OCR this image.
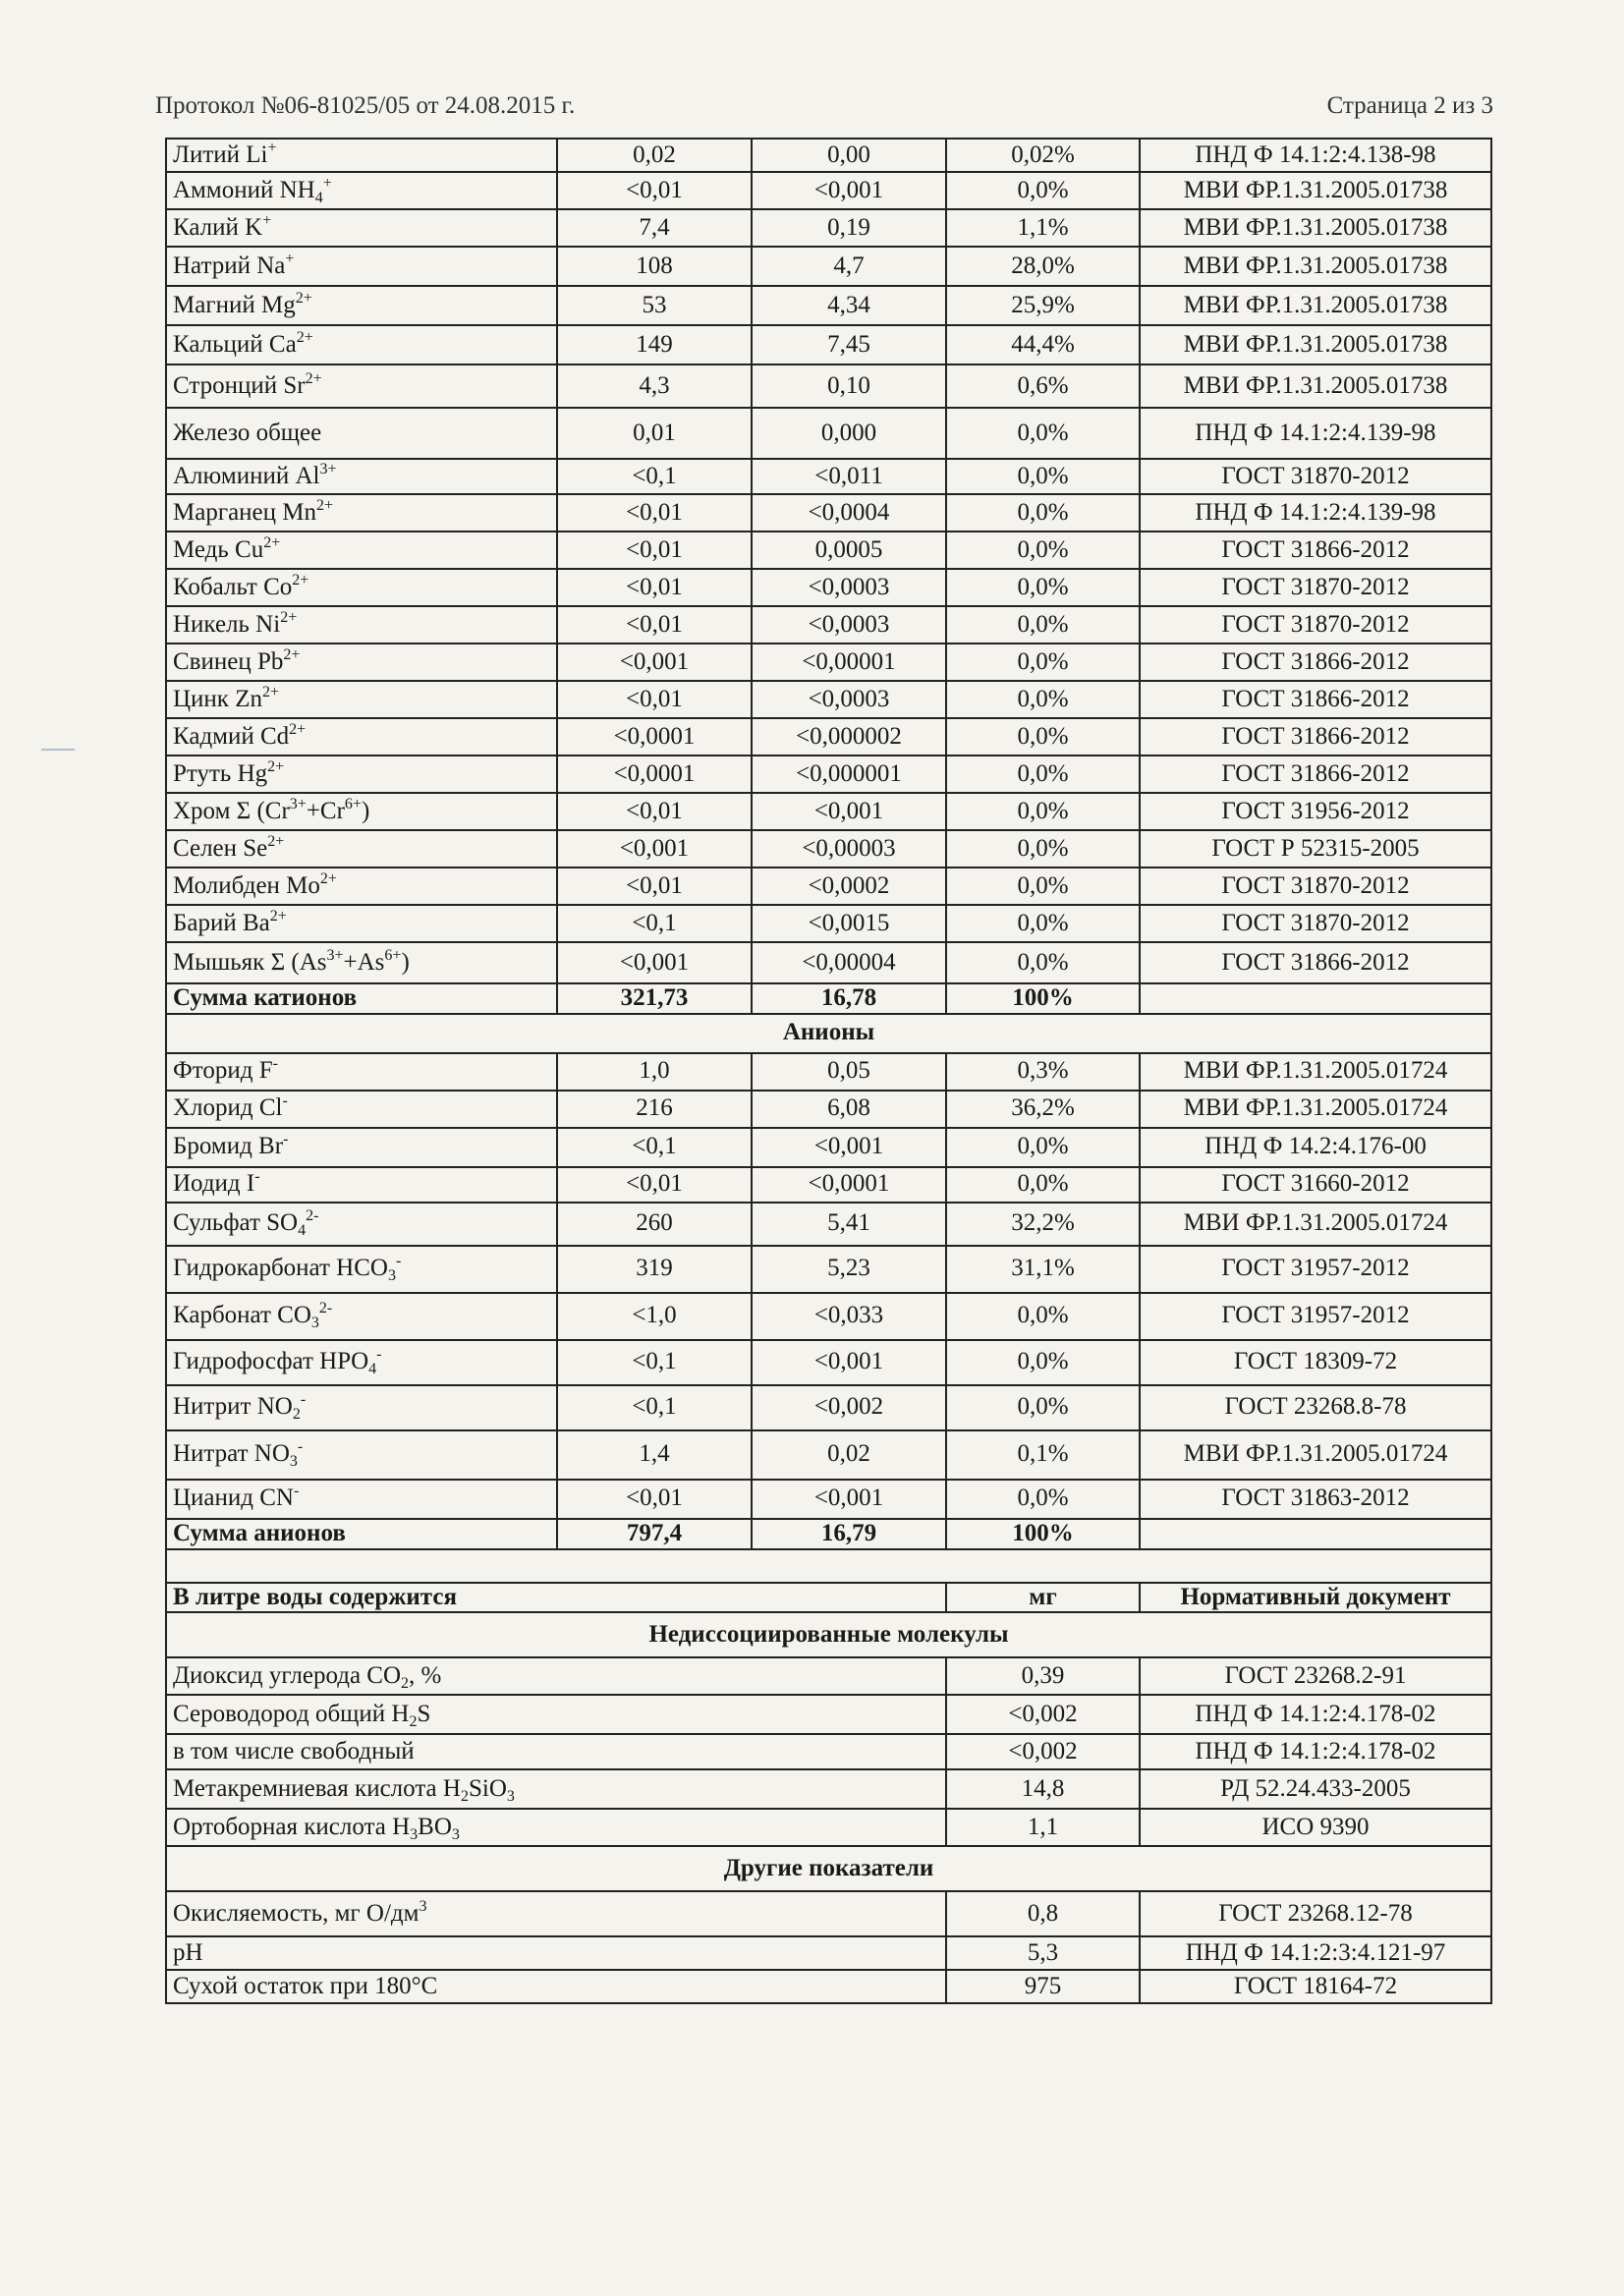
Протокол №06-81025/05 от 24.08.2015 г.	Страница 2 из 3
Литий Li+	0,02	0,00	0,02%	ПНД Ф 14.1:2:4.138-98
Аммоний $NH_4^+$	<0,01	<0,001	0,0%	МВИ ФР.1.31.2005.01738
Калий K+	7,4	0,19	1,1%	МВИ ФР.1.31.2005.01738
Натрий Na+	108	4,7	28,0%	МВИ ФР.1.31.2005.01738
Магний $Mg^{2+}$	53	4,34	25,9%	МВИ ФР.1.31.2005.01738
Кальций $Ca^{2+}$	149	7,45	44,4%	МВИ ФР.1.31.2005.01738
Стронций $Sr^{2+}$	4,3	0,10	0,6%	МВИ ФР.1.31.2005.01738
Железо общее	0,01	0,000	0,0%	ПНД Ф 14.1:2:4.139-98
Алюминий $Al^{3+}$	<0,1	<0,011	0,0%	ГОСТ 31870-2012
Марганец $Mn^{2+}$	<0,01	<0,0004	0,0%	ПНД Ф 14.1:2:4.139-98
Медь $Cu^{2+}$	<0,01	0,0005	0,0%	ГОСТ 31866-2012
Кобальт $Co^{2+}$	<0,01	<0,0003	0,0%	ГОСТ 31870-2012
Никель $Ni^{2+}$	<0,01	<0,0003	0,0%	ГОСТ 31870-2012
Свинец $Pb^{2+}$	<0,001	<0,00001	0,0%	ГОСТ 31866-2012
Цинк $Zn^{2+}$	<0,01	<0,0003	0,0%	ГОСТ 31866-2012
Кадмий $Cd^{2+}$	<0,0001	<0,000002	0,0%	ГОСТ 31866-2012
Ртуть $Hg^{2+}$	<0,0001	<0,000001	0,0%	ГОСТ 31866-2012
Хром Σ $(Cr^{3+}+Cr^{6+})$	<0,01	<0,001	0,0%	ГОСТ 31956-2012
Селен $Se^{2+}$	<0,001	<0,00003	0,0%	ГОСТ Р 52315-2005
Молибден $Mo^{2+}$	<0,01	<0,0002	0,0%	ГОСТ 31870-2012
Барий $Ba^{2+}$	<0,1	<0,0015	0,0%	ГОСТ 31870-2012
Мышьяк Σ $(As^{3+}+As^{6+})$	<0,001	<0,00004	0,0%	ГОСТ 31866-2012
Сумма катионов	321,73	16,78	100%	
Анионы				
Фторид F-	1,0	0,05	0,3%	МВИ ФР.1.31.2005.01724
Хлорид Cl-	216	6,08	36,2%	МВИ ФР.1.31.2005.01724
Бромид Br-	<0,1	<0,001	0,0%	ПНД Ф 14.2:4.176-00
Иодид I-	<0,01	<0,0001	0,0%	ГОСТ 31660-2012
Сульфат $SO_4^{2-}$	260	5,41	32,2%	МВИ ФР.1.31.2005.01724
Гидрокарбонат $HCO_3^-$	319	5,23	31,1%	ГОСТ 31957-2012
Карбонат $CO_3^{2-}$	<1,0	<0,033	0,0%	ГОСТ 31957-2012
Гидрофосфат $HPO_4^-$	<0,1	<0,001	0,0%	ГОСТ 18309-72
Нитрит $NO_2^-$	<0,1	<0,002	0,0%	ГОСТ 23268.8-78
Нитрат $NO_3^-$	1,4	0,02	0,1%	МВИ ФР.1.31.2005.01724
Цианид CN-	<0,01	<0,001	0,0%	ГОСТ 31863-2012
Сумма анионов	797,4	16,79	100%	

В литре воды содержится			мг	Нормативный документ
Недиссоциированные молекулы				
Диоксид углерода $CO_2$, %			0,39	ГОСТ 23268.2-91
Сероводород общий $H_2S$			<0,002	ПНД Ф 14.1:2:4.178-02
в том числе свободный			<0,002	ПНД Ф 14.1:2:4.178-02
Метакремниевая кислота $H_2SiO_3$			14,8	РД 52.24.433-2005
Ортоборная кислота $H_3BO_3$			1,1	ИСО 9390
Другие показатели				
Окисляемость, мг $O/дм^3$			0,8	ГОСТ 23268.12-78
pH			5,3	ПНД Ф 14.1:2:3:4.121-97
Сухой остаток при 180°С			975	ГОСТ 18164-72
